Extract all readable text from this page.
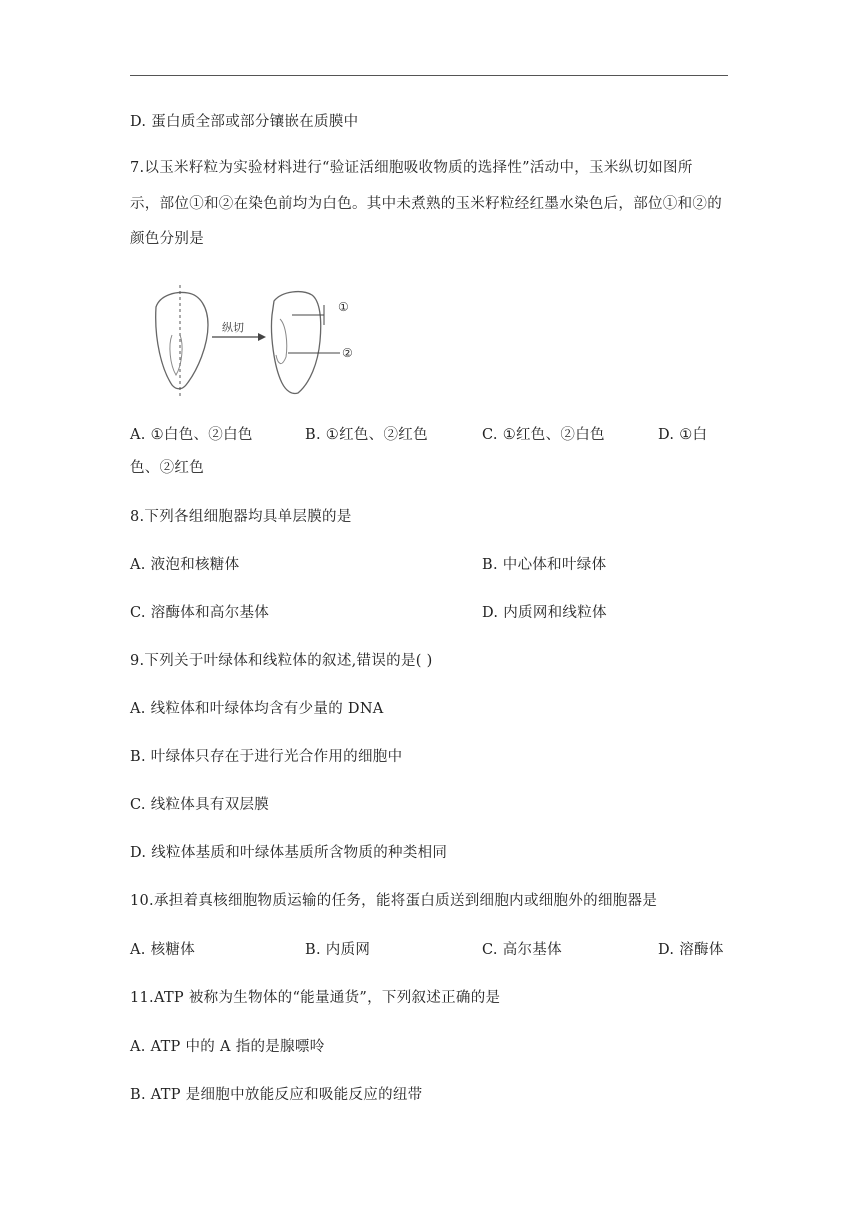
D. 蛋白质全部或部分镶嵌在质膜中
7.以玉米籽粒为实验材料进行“验证活细胞吸收物质的选择性”活动中，玉米纵切如图所
示，部位①和②在染色前均为白色。其中未煮熟的玉米籽粒经红墨水染色后，部位①和②的
颜色分别是
纵切
①
②
A. ①白色、②白色	B. ①红色、②红色	C. ①红色、②白色	D. ①白
色、②红色
8.下列各组细胞器均具单层膜的是
A. 液泡和核糖体	B. 中心体和叶绿体
C. 溶酶体和高尔基体	D. 内质网和线粒体
9.下列关于叶绿体和线粒体的叙述,错误的是( )
A. 线粒体和叶绿体均含有少量的 DNA
B. 叶绿体只存在于进行光合作用的细胞中
C. 线粒体具有双层膜
D. 线粒体基质和叶绿体基质所含物质的种类相同
10.承担着真核细胞物质运输的任务，能将蛋白质送到细胞内或细胞外的细胞器是
A. 核糖体	B. 内质网	C. 高尔基体	D. 溶酶体
11.ATP 被称为生物体的“能量通货”，下列叙述正确的是
A. ATP 中的 A 指的是腺嘌呤
B. ATP 是细胞中放能反应和吸能反应的纽带
